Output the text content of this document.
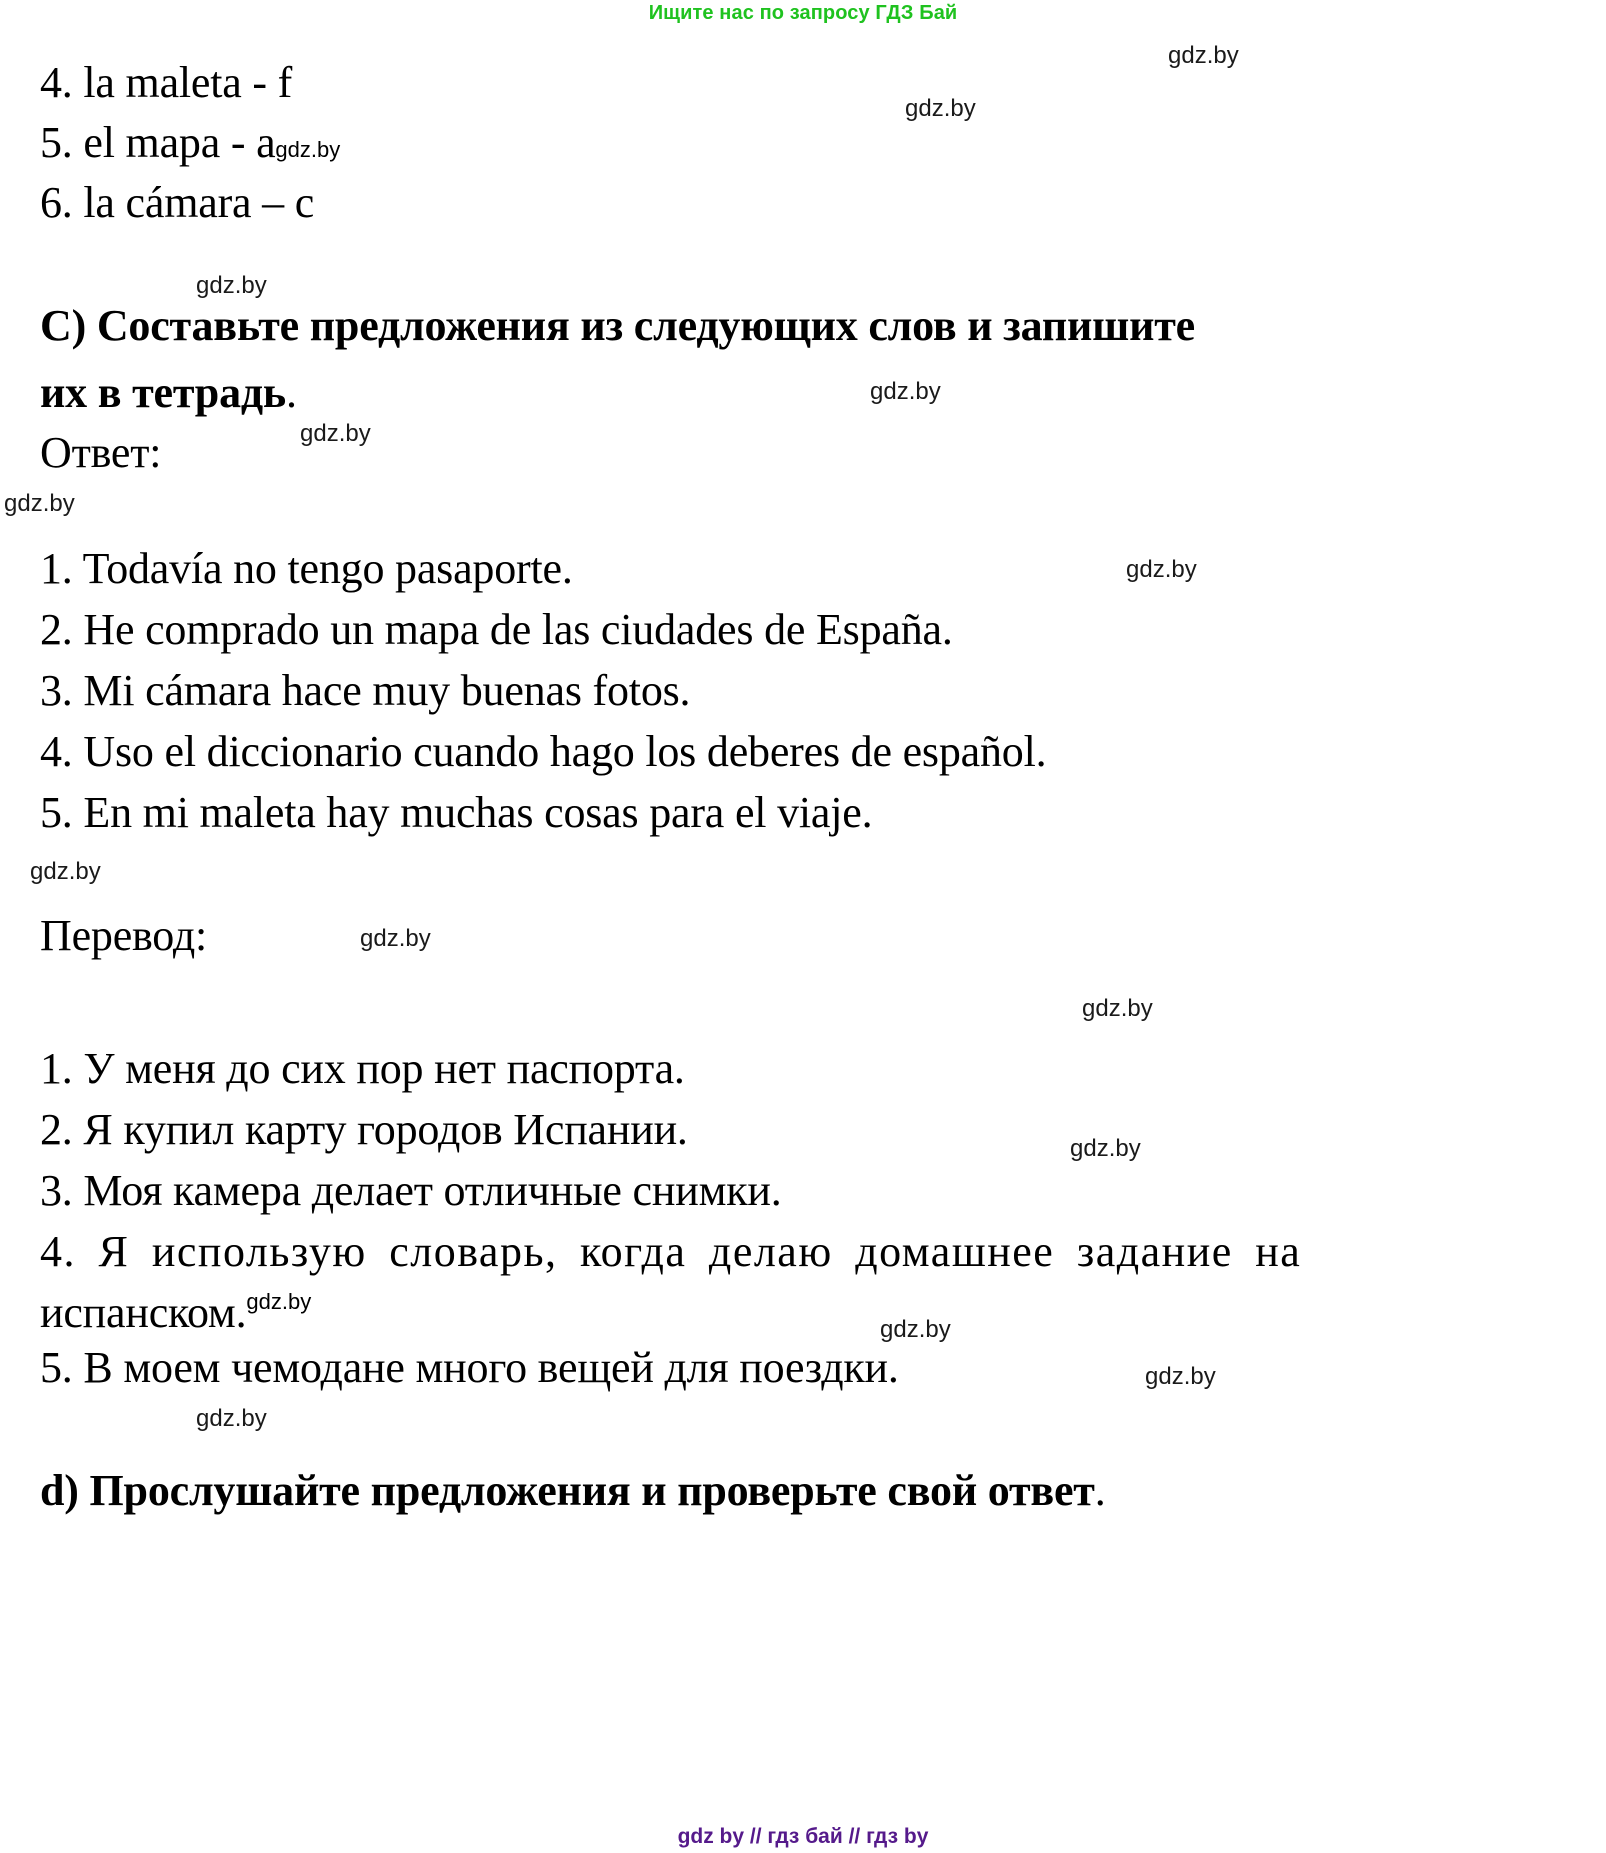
Ищите нас по запросу ГДЗ Бай
gdz.by
gdz.by
4. la maleta - f
5. el mapa - agdz.by
6. la cámara – c
gdz.by
C) Составьте предложения из следующих слов и запишите
их в тетрадь.	gdz.by
gdz.by
Ответ:
gdz.by
1. Todavía no tengo pasaporte.	gdz.by
2. He comprado un mapa de las ciudades de España.
3. Mi cámara hace muy buenas fotos.
4. Uso el diccionario cuando hago los deberes de español.
5. En mi maleta hay muchas cosas para el viaje.
gdz.by
Перевод:	gdz.by
gdz.by
1. У меня до сих пор нет паспорта.
2. Я купил карту городов Испании.	gdz.by
3. Моя камера делает отличные снимки.
4. Я использую словарь, когда делаю домашнее задание на
испанском.$^{gdz.by}$
gdz.by
5. В моем чемодане много вещей для поездки.	gdz.by
gdz.by
d) Прослушайте предложения и проверьте свой ответ.
gdz by // гдз бай // гдз by
